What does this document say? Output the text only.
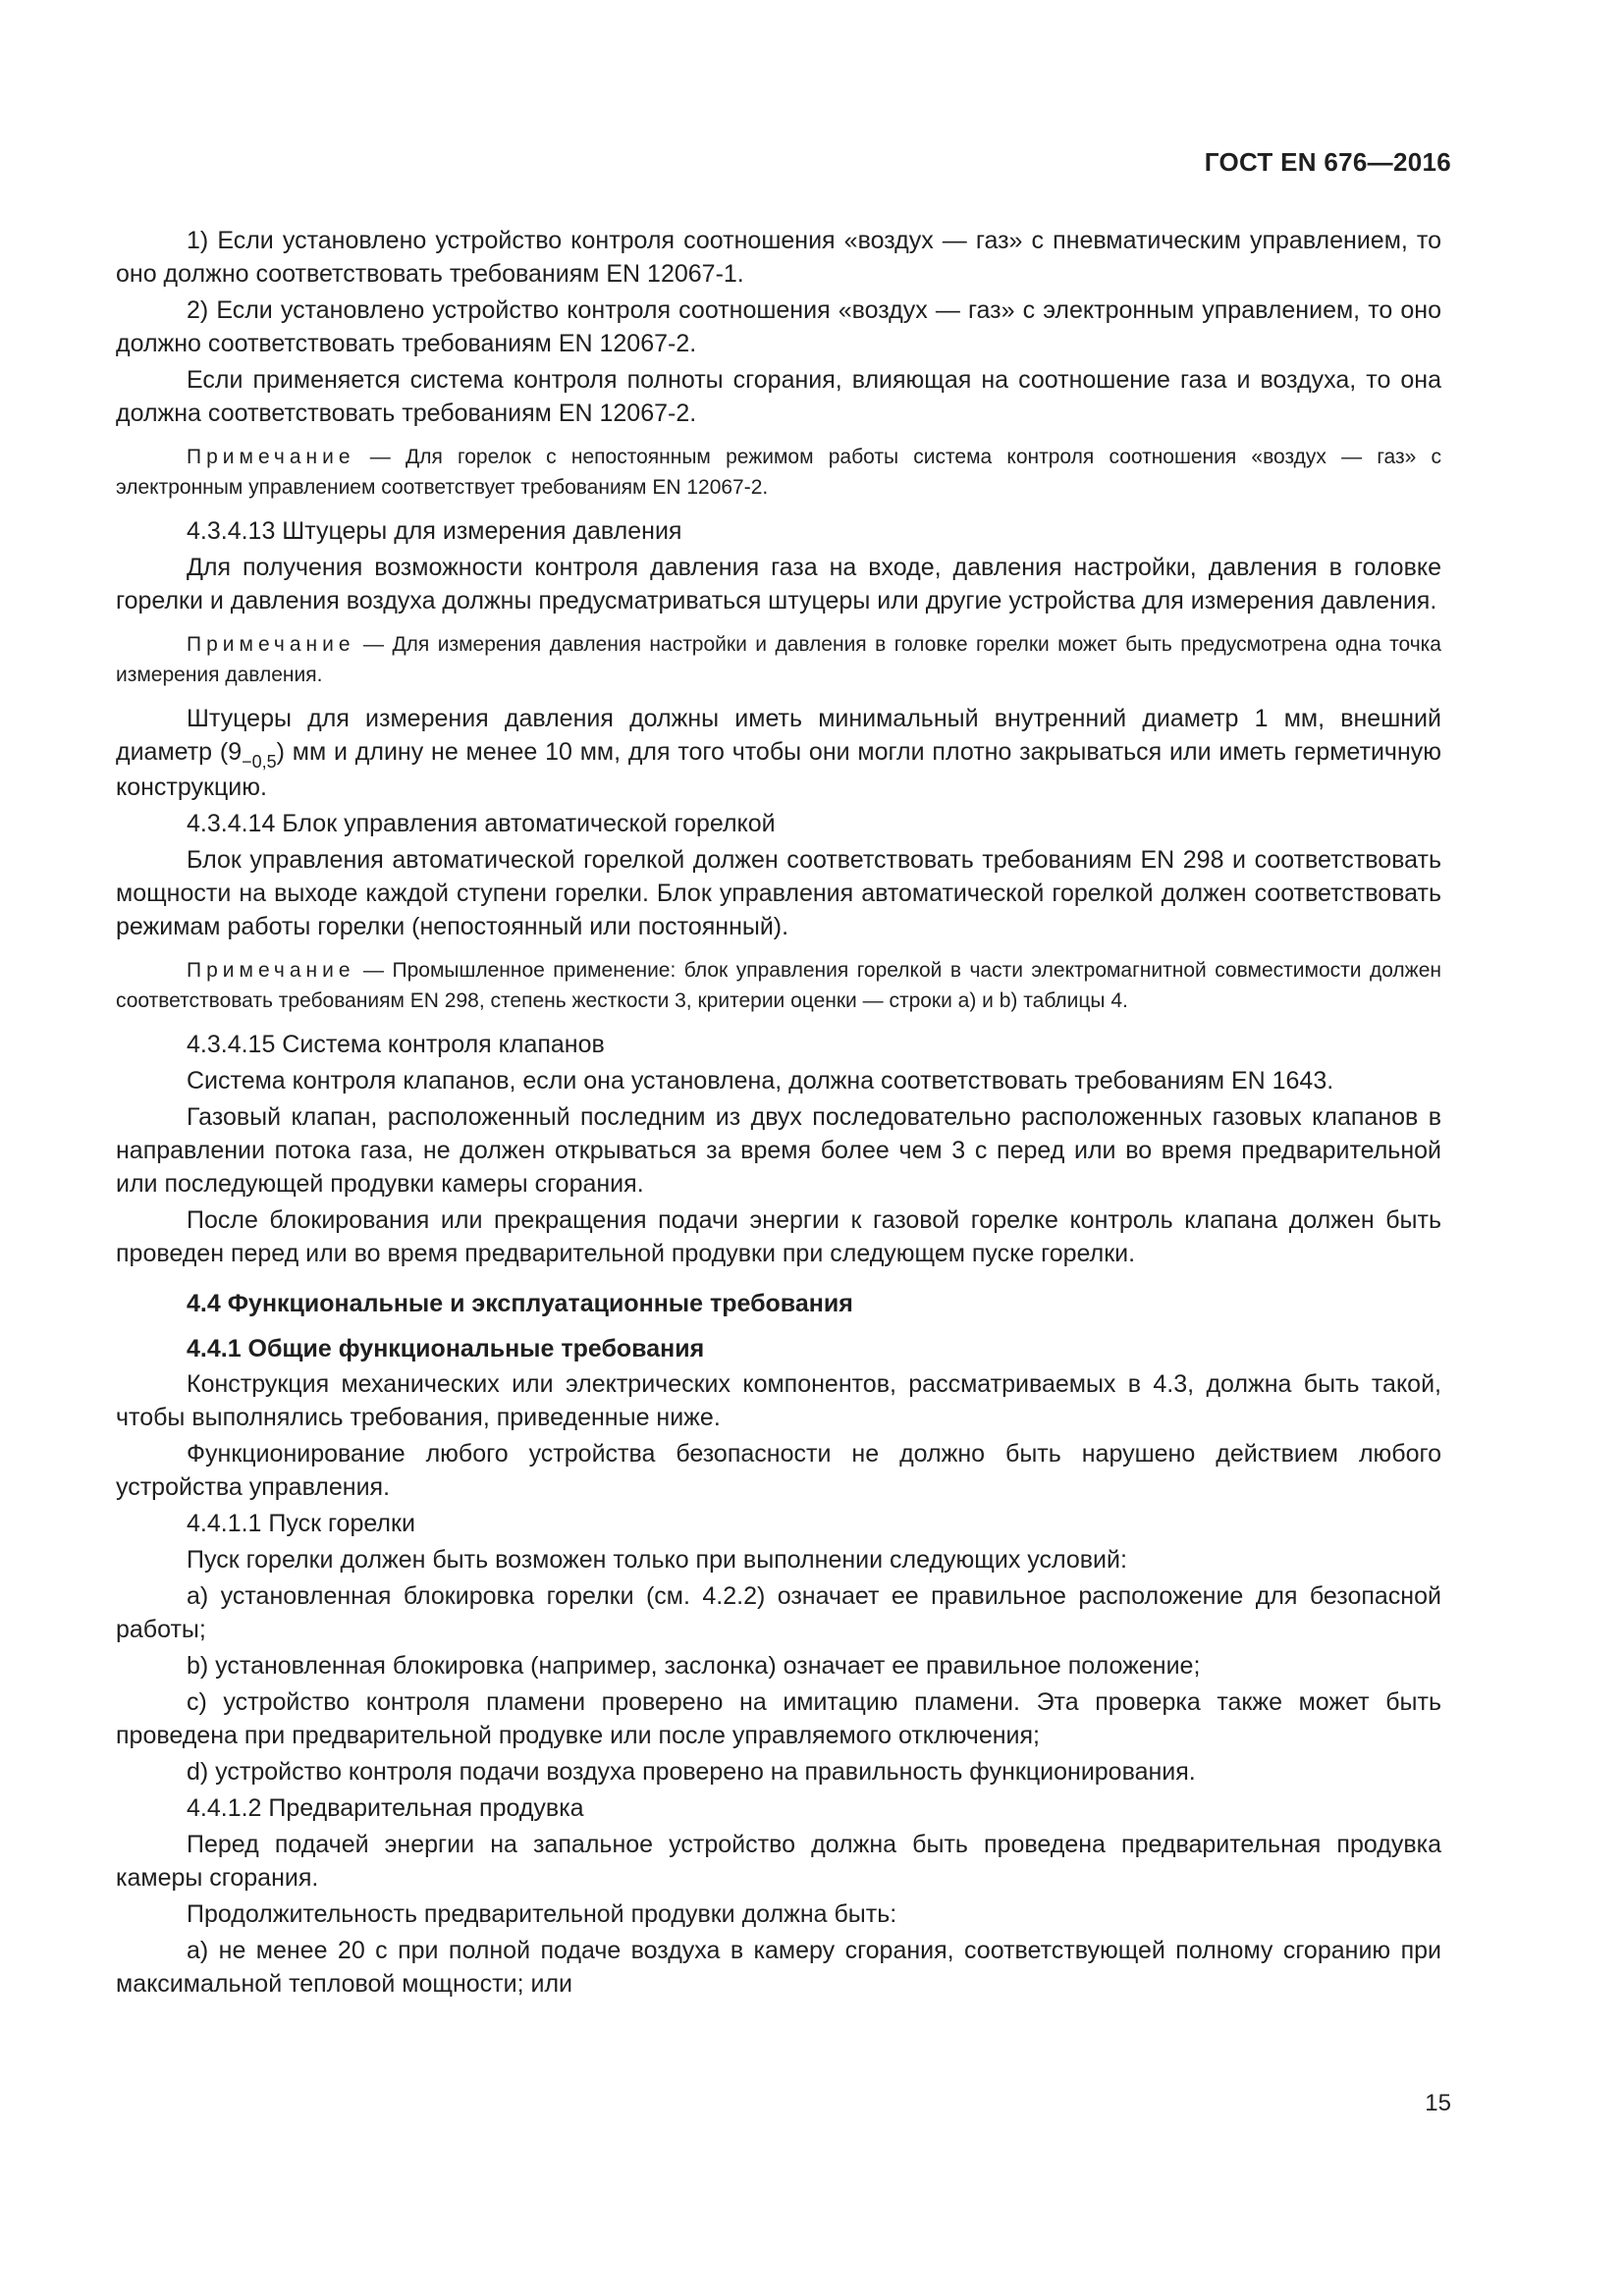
ГОСТ EN 676—2016
1) Если установлено устройство контроля соотношения «воздух — газ» с пневматическим управлением, то оно должно соответствовать требованиям EN 12067-1.
2) Если установлено устройство контроля соотношения «воздух — газ» с электронным управлением, то оно должно соответствовать требованиям EN 12067-2.
Если применяется система контроля полноты сгорания, влияющая на соотношение газа и воздуха, то она должна соответствовать требованиям EN 12067-2.
Примечание — Для горелок с непостоянным режимом работы система контроля соотношения «воздух — газ» с электронным управлением соответствует требованиям EN 12067-2.
4.3.4.13 Штуцеры для измерения давления
Для получения возможности контроля давления газа на входе, давления настройки, давления в головке горелки и давления воздуха должны предусматриваться штуцеры или другие устройства для измерения давления.
Примечание — Для измерения давления настройки и давления в головке горелки может быть предусмотрена одна точка измерения давления.
Штуцеры для измерения давления должны иметь минимальный внутренний диаметр 1 мм, внешний диаметр $(9_{-0,5})$ мм и длину не менее 10 мм, для того чтобы они могли плотно закрываться или иметь герметичную конструкцию.
4.3.4.14 Блок управления автоматической горелкой
Блок управления автоматической горелкой должен соответствовать требованиям EN 298 и соответствовать мощности на выходе каждой ступени горелки. Блок управления автоматической горелкой должен соответствовать режимам работы горелки (непостоянный или постоянный).
Примечание — Промышленное применение: блок управления горелкой в части электромагнитной совместимости должен соответствовать требованиям EN 298, степень жесткости 3, критерии оценки — строки а) и b) таблицы 4.
4.3.4.15 Система контроля клапанов
Система контроля клапанов, если она установлена, должна соответствовать требованиям EN 1643.
Газовый клапан, расположенный последним из двух последовательно расположенных газовых клапанов в направлении потока газа, не должен открываться за время более чем 3 с перед или во время предварительной или последующей продувки камеры сгорания.
После блокирования или прекращения подачи энергии к газовой горелке контроль клапана должен быть проведен перед или во время предварительной продувки при следующем пуске горелки.
4.4 Функциональные и эксплуатационные требования
4.4.1 Общие функциональные требования
Конструкция механических или электрических компонентов, рассматриваемых в 4.3, должна быть такой, чтобы выполнялись требования, приведенные ниже.
Функционирование любого устройства безопасности не должно быть нарушено действием любого устройства управления.
4.4.1.1 Пуск горелки
Пуск горелки должен быть возможен только при выполнении следующих условий:
a) установленная блокировка горелки (см. 4.2.2) означает ее правильное расположение для безопасной работы;
b) установленная блокировка (например, заслонка) означает ее правильное положение;
c) устройство контроля пламени проверено на имитацию пламени. Эта проверка также может быть проведена при предварительной продувке или после управляемого отключения;
d) устройство контроля подачи воздуха проверено на правильность функционирования.
4.4.1.2 Предварительная продувка
Перед подачей энергии на запальное устройство должна быть проведена предварительная продувка камеры сгорания.
Продолжительность предварительной продувки должна быть:
a) не менее 20 с при полной подаче воздуха в камеру сгорания, соответствующей полному сгоранию при максимальной тепловой мощности; или
15
